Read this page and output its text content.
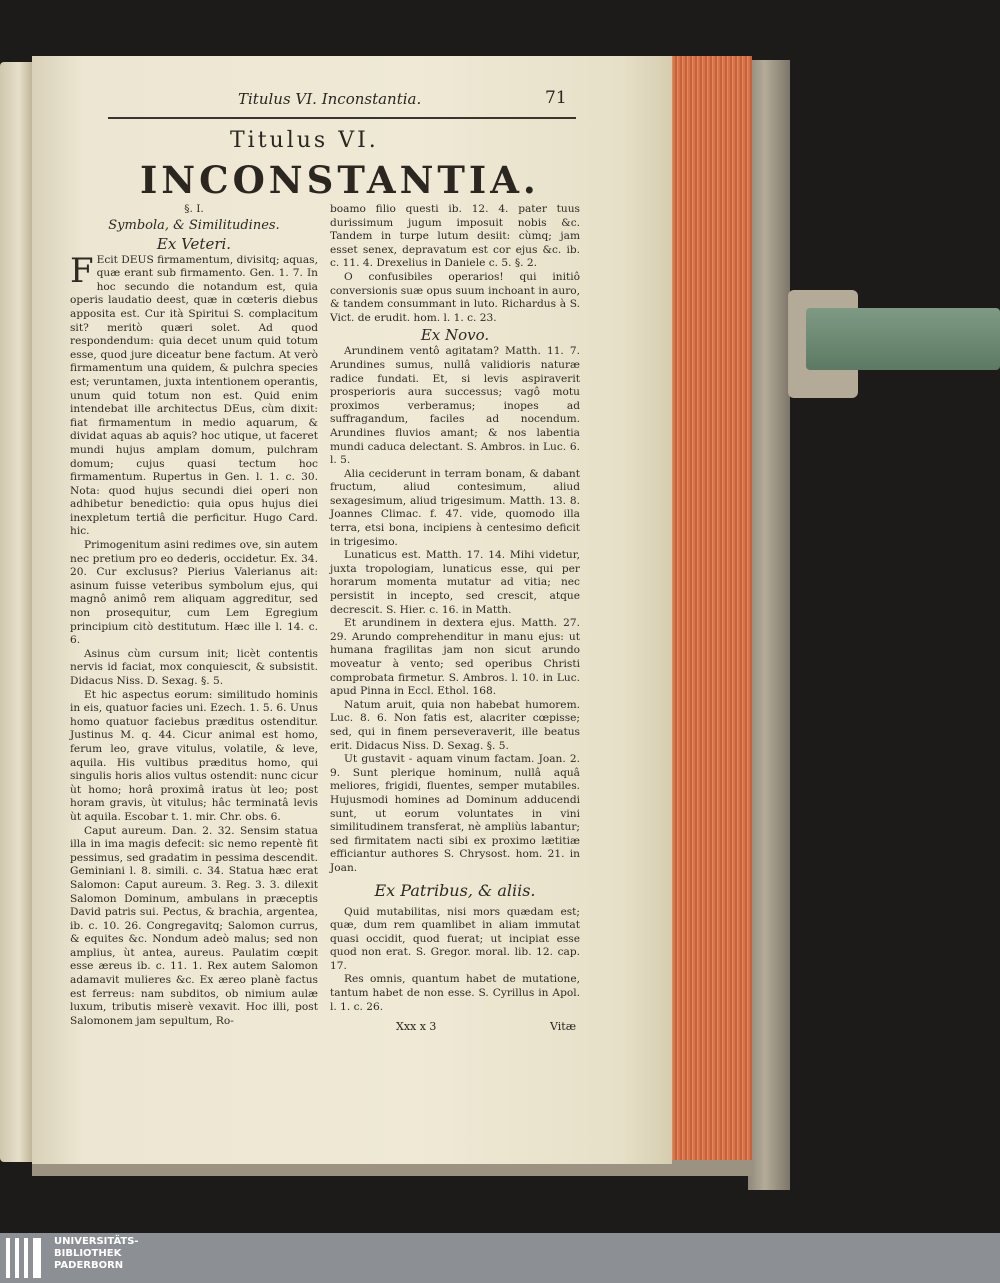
Titulus VI. Inconstantia.	71
Titulus VI.
INCONSTANTIA.

§. I.

Symbola, & Similitudines.

Ex Veteri.

F Ecit DEUS firmamentum, divisitq; aquas, quæ erant sub firmamento. Gen. 1. 7. In hoc secundo die notandum est, quia operis laudatio deest, quæ in cœteris diebus apposita est. Cur ità Spiritui S. complacitum sit? meritò quæri solet. Ad quod respondendum: quia decet unum quid totum esse, quod jure diceatur bene factum. At verò firmamentum una quidem, & pulchra species est; veruntamen, juxta intentionem operantis, unum quid totum non est. Quid enim intendebat ille architectus DEus, cùm dixit: fiat firmamentum in medio aquarum, & dividat aquas ab aquis? hoc utique, ut faceret mundi hujus amplam domum, pulchram domum; cujus quasi tectum hoc firmamentum. Rupertus in Gen. l. 1. c. 30. Nota: quod hujus secundi diei operi non adhibetur benedictio: quia opus hujus diei inexpletum tertiâ die perficitur. Hugo Card. hic.

Primogenitum asini redimes ove, sin autem nec pretium pro eo dederis, occidetur. Ex. 34. 20. Cur exclusus? Pierius Valerianus ait: asinum fuisse veteribus symbolum ejus, qui magnô animô rem aliquam aggreditur, sed non prosequitur, cum Lem Egregium principium citò destitutum. Hæc ille l. 14. c. 6.

Asinus cùm cursum init; licèt contentis nervis id faciat, mox conquiescit, & subsistit. Didacus Niss. D. Sexag. §. 5.

Et hic aspectus eorum: similitudo hominis in eis, quatuor facies uni. Ezech. 1. 5. 6. Unus homo quatuor faciebus præditus ostenditur. Justinus M. q. 44. Cicur animal est homo, ferum leo, grave vitulus, volatile, & leve, aquila. His vultibus præditus homo, qui singulis horis alios vultus ostendit: nunc cicur ùt homo; horâ proximâ iratus ùt leo; post horam gravis, ùt vitulus; hâc terminatâ levis ùt aquila. Escobar t. 1. mir. Chr. obs. 6.

Caput aureum. Dan. 2. 32. Sensim statua illa in ima magis defecit: sic nemo repentè fit pessimus, sed gradatim in pessima descendit. Geminiani l. 8. simili. c. 34. Statua hæc erat Salomon: Caput aureum. 3. Reg. 3. 3. dilexit Salomon Dominum, ambulans in præceptis David patris sui. Pectus, & brachia, argentea, ib. c. 10. 26. Congregavitq; Salomon currus, & equites &c. Nondum adeò malus; sed non amplius, ùt antea, aureus. Paulatim cœpit esse æreus ib. c. 11. 1. Rex autem Salomon adamavit mulieres &c. Ex æreo planè factus est ferreus: nam subditos, ob nimium aulæ luxum, tributis miserè vexavit. Hoc illi, post Salomonem jam sepultum, Ro-

boamo filio questi ib. 12. 4. pater tuus durissimum jugum imposuit nobis &c. Tandem in turpe lutum desiit: cùmq; jam esset senex, depravatum est cor ejus &c. ib. c. 11. 4. Drexelius in Daniele c. 5. §. 2.

O confusibiles operarios! qui initiô conversionis suæ opus suum inchoant in auro, & tandem consummant in luto. Richardus à S. Vict. de erudit. hom. l. 1. c. 23.

Ex Novo.

Arundinem ventô agitatam? Matth. 11. 7. Arundines sumus, nullâ validioris naturæ radice fundati. Et, si levis aspiraverit prosperioris aura successus; vagô motu proximos verberamus; inopes ad suffragandum, faciles ad nocendum. Arundines fluvios amant; & nos labentia mundi caduca delectant. S. Ambros. in Luc. 6. l. 5.

Alia ceciderunt in terram bonam, & dabant fructum, aliud contesimum, aliud sexagesimum, aliud trigesimum. Matth. 13. 8. Joannes Climac. f. 47. vide, quomodo illa terra, etsi bona, incipiens à centesimo deficit in trigesimo.

Lunaticus est. Matth. 17. 14. Mihi videtur, juxta tropologiam, lunaticus esse, qui per horarum momenta mutatur ad vitia; nec persistit in incepto, sed crescit, atque decrescit. S. Hier. c. 16. in Matth.

Et arundinem in dextera ejus. Matth. 27. 29. Arundo comprehenditur in manu ejus: ut humana fragilitas jam non sicut arundo moveatur à vento; sed operibus Christi comprobata firmetur. S. Ambros. l. 10. in Luc. apud Pinna in Eccl. Ethol. 168.

Natum aruit, quia non habebat humorem. Luc. 8. 6. Non fatis est, alacriter cœpisse; sed, qui in finem perseveraverit, ille beatus erit. Didacus Niss. D. Sexag. §. 5.

Ut gustavit - aquam vinum factam. Joan. 2. 9. Sunt plerique hominum, nullâ aquâ meliores, frigidi, fluentes, semper mutabiles. Hujusmodi homines ad Dominum adducendi sunt, ut eorum voluntates in vini similitudinem transferat, nè ampliùs labantur; sed firmitatem nacti sibi ex proximo lætitiæ efficiantur authores S. Chrysost. hom. 21. in Joan.

Ex Patribus, & aliis.

Quid mutabilitas, nisi mors quædam est; quæ, dum rem quamlibet in aliam immutat quasi occidit, quod fuerat; ut incipiat esse quod non erat. S. Gregor. moral. lib. 12. cap. 17.

Res omnis, quantum habet de mutatione, tantum habet de non esse. S. Cyrillus in Apol. l. 1. c. 26.

Xxx x 3	Vitæ
UNIVERSITÄTS-
BIBLIOTHEK
PADERBORN
